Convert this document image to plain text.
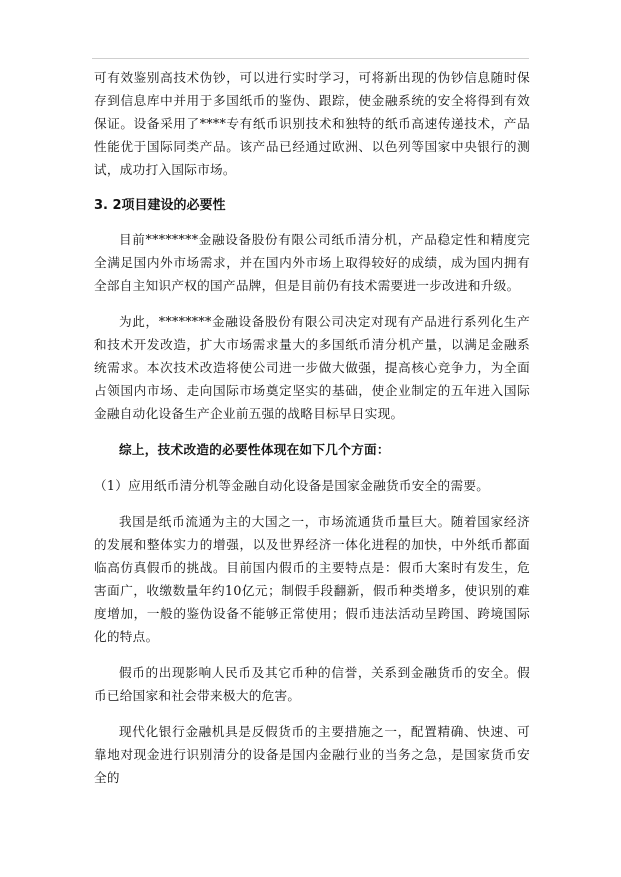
可有效鉴别高技术伪钞，可以进行实时学习，可将新出现的伪钞信息随时保存到信息库中并用于多国纸币的鉴伪、跟踪，使金融系统的安全将得到有效保证。设备采用了****专有纸币识别技术和独特的纸币高速传递技术，产品性能优于国际同类产品。该产品已经通过欧洲、以色列等国家中央银行的测试，成功打入国际市场。

3. 2项目建设的必要性

目前********金融设备股份有限公司纸币清分机，产品稳定性和精度完全满足国内外市场需求，并在国内外市场上取得较好的成绩，成为国内拥有全部自主知识产权的国产品牌，但是目前仍有技术需要进一步改进和升级。

为此，********金融设备股份有限公司决定对现有产品进行系列化生产和技术开发改造，扩大市场需求量大的多国纸币清分机产量，以满足金融系统需求。本次技术改造将使公司进一步做大做强，提高核心竞争力，为全面占领国内市场、走向国际市场奠定坚实的基础，使企业制定的五年进入国际金融自动化设备生产企业前五强的战略目标早日实现。

综上，技术改造的必要性体现在如下几个方面：

（1）应用纸币清分机等金融自动化设备是国家金融货币安全的需要。

我国是纸币流通为主的大国之一，市场流通货币量巨大。随着国家经济的发展和整体实力的增强，以及世界经济一体化进程的加快，中外纸币都面临高仿真假币的挑战。目前国内假币的主要特点是：假币大案时有发生，危害面广，收缴数量年约10亿元；制假手段翻新，假币种类增多，使识别的难度增加，一般的鉴伪设备不能够正常使用；假币违法活动呈跨国、跨境国际化的特点。

假币的出现影响人民币及其它币种的信誉，关系到金融货币的安全。假币已给国家和社会带来极大的危害。

现代化银行金融机具是反假货币的主要措施之一，配置精确、快速、可靠地对现金进行识别清分的设备是国内金融行业的当务之急，是国家货币安全的
